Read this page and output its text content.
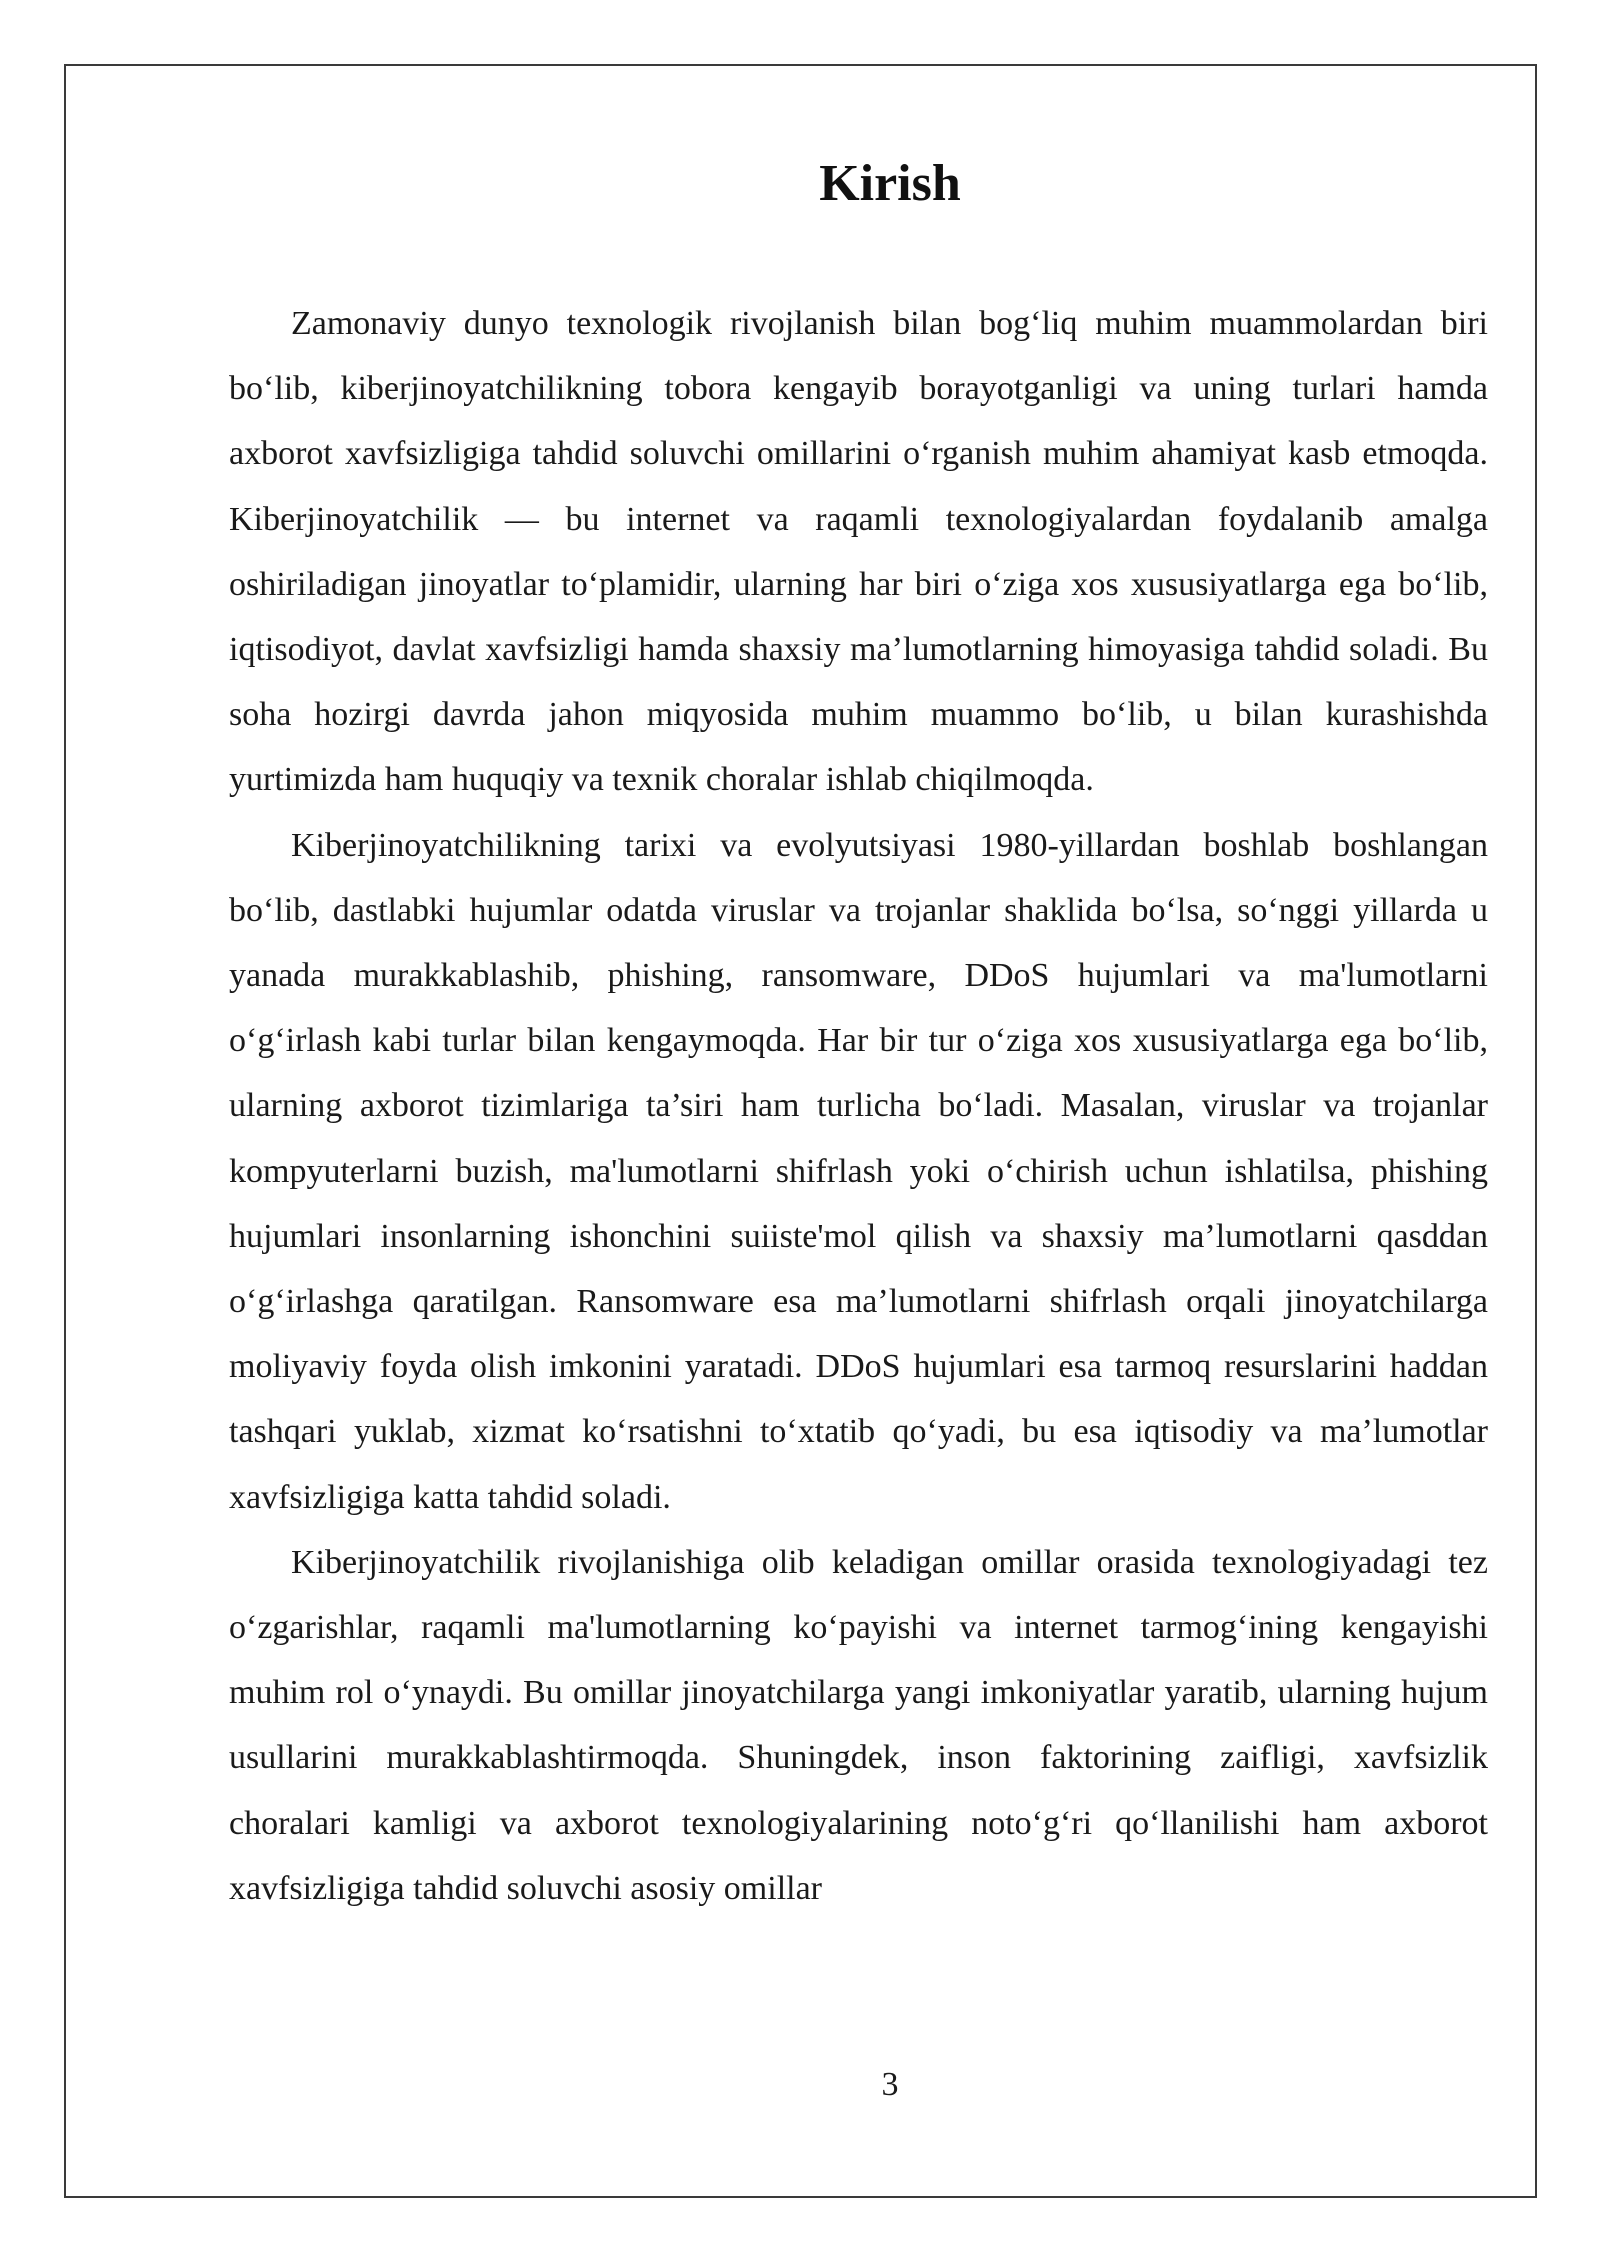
Kirish

Zamonaviy dunyo texnologik rivojlanish bilan bog‘liq muhim muammolardan biri bo‘lib, kiberjinoyatchilikning tobora kengayib borayotganligi va uning turlari hamda axborot xavfsizligiga tahdid soluvchi omillarini o‘rganish muhim ahamiyat kasb etmoqda. Kiberjinoyatchilik — bu internet va raqamli texnologiyalardan foydalanib amalga oshiriladigan jinoyatlar to‘plamidir, ularning har biri o‘ziga xos xususiyatlarga ega bo‘lib, iqtisodiyot, davlat xavfsizligi hamda shaxsiy ma’lumotlarning himoyasiga tahdid soladi. Bu soha hozirgi davrda jahon miqyosida muhim muammo bo‘lib, u bilan kurashishda yurtimizda ham huquqiy va texnik choralar ishlab chiqilmoqda.

Kiberjinoyatchilikning tarixi va evolyutsiyasi 1980-yillardan boshlab boshlangan bo‘lib, dastlabki hujumlar odatda viruslar va trojanlar shaklida bo‘lsa, so‘nggi yillarda u yanada murakkablashib, phishing, ransomware, DDoS hujumlari va ma'lumotlarni o‘g‘irlash kabi turlar bilan kengaymoqda. Har bir tur o‘ziga xos xususiyatlarga ega bo‘lib, ularning axborot tizimlariga ta’siri ham turlicha bo‘ladi. Masalan, viruslar va trojanlar kompyuterlarni buzish, ma'lumotlarni shifrlash yoki o‘chirish uchun ishlatilsa, phishing hujumlari insonlarning ishonchini suiiste'mol qilish va shaxsiy ma’lumotlarni qasddan o‘g‘irlashga qaratilgan. Ransomware esa ma’lumotlarni shifrlash orqali jinoyatchilarga moliyaviy foyda olish imkonini yaratadi. DDoS hujumlari esa tarmoq resurslarini haddan tashqari yuklab, xizmat ko‘rsatishni to‘xtatib qo‘yadi, bu esa iqtisodiy va ma’lumotlar xavfsizligiga katta tahdid soladi.

Kiberjinoyatchilik rivojlanishiga olib keladigan omillar orasida texnologiyadagi tez o‘zgarishlar, raqamli ma'lumotlarning ko‘payishi va internet tarmog‘ining kengayishi muhim rol o‘ynaydi. Bu omillar jinoyatchilarga yangi imkoniyatlar yaratib, ularning hujum usullarini murakkablashtirmoqda. Shuningdek, inson faktorining zaifligi, xavfsizlik choralari kamligi va axborot texnologiyalarining noto‘g‘ri qo‘llanilishi ham axborot xavfsizligiga tahdid soluvchi asosiy omillar

3
